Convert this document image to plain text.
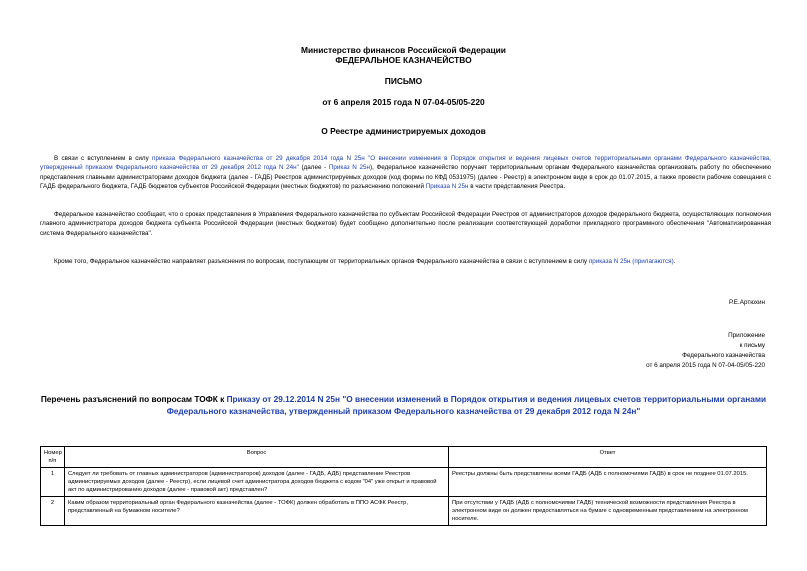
Министерство финансов Российской Федерации
ФЕДЕРАЛЬНОЕ КАЗНАЧЕЙСТВО
ПИСЬМО
от 6 апреля 2015 года N 07-04-05/05-220
О Реестре администрируемых доходов
В связи с вступлением в силу приказа Федерального казначейства от 29 декабря 2014 года N 25н "О внесении изменения в Порядок открытия и ведения лицевых счетов территориальными органами Федерального казначейства, утвержденный приказом Федерального казначейства от 29 декабря 2012 года N 24н" (далее - Приказ N 25н), Федеральное казначейство поручает территориальным органам Федерального казначейства организовать работу по обеспечению представления главными администраторами доходов бюджета (далее - ГАДБ) Реестров администрируемых доходов (код формы по КФД 0531975) (далее - Реестр) в электронном виде в срок до 01.07.2015, а также провести рабочие совещания с ГАДБ федерального бюджета, ГАДБ бюджетов субъектов Российской Федерации (местных бюджетов) по разъяснению положений Приказа N 25н в части представления Реестра.
Федеральное казначейство сообщает, что о сроках представления в Управления Федерального казначейства по субъектам Российской Федерации Реестров от администраторов доходов федерального бюджета, осуществляющих полномочия главного администратора доходов бюджета субъекта Российской Федерации (местных бюджетов) будет сообщено дополнительно после реализации соответствующей доработки прикладного программного обеспечения "Автоматизированная система Федерального казначейства".
Кроме того, Федеральное казначейство направляет разъяснения по вопросам, поступающим от территориальных органов Федерального казначейства в связи с вступлением в силу приказа N 25н (прилагаются).
Р.Е.Артюхин
Приложение
к письму
Федерального казначейства
от 6 апреля 2015 года N 07-04-05/05-220
Перечень разъяснений по вопросам ТОФК к Приказу от 29.12.2014 N 25н "О внесении изменений в Порядок открытия и ведения лицевых счетов территориальными органами Федерального казначейства, утвержденный приказом Федерального казначейства от 29 декабря 2012 года N 24н"
Номер п/п	Вопрос	Ответ
1	Следует ли требовать от главных администраторов (администраторов) доходов (далее - ГАДБ, АДБ) представление Реестров администрируемых доходов (далее - Реестр), если лицевой счет администратора доходов бюджета с кодом "04" уже открыт и правовой акт по администрированию доходов (далее - правовой акт) представлен?	Реестры должны быть представлены всеми ГАДБ (АДБ с полномочиями ГАДБ) в срок не позднее 01.07.2015.
2	Каким образом территориальный орган Федерального казначейства (далее - ТОФК) должен обработать в ППО АСФК Реестр, представленный на бумажном носителе?	При отсутствии у ГАДБ (АДБ с полномочиями ГАДБ) технической возможности представления Реестра в электронном виде он должен предоставляться на бумаге с одновременным представлением на электронном носителе.
